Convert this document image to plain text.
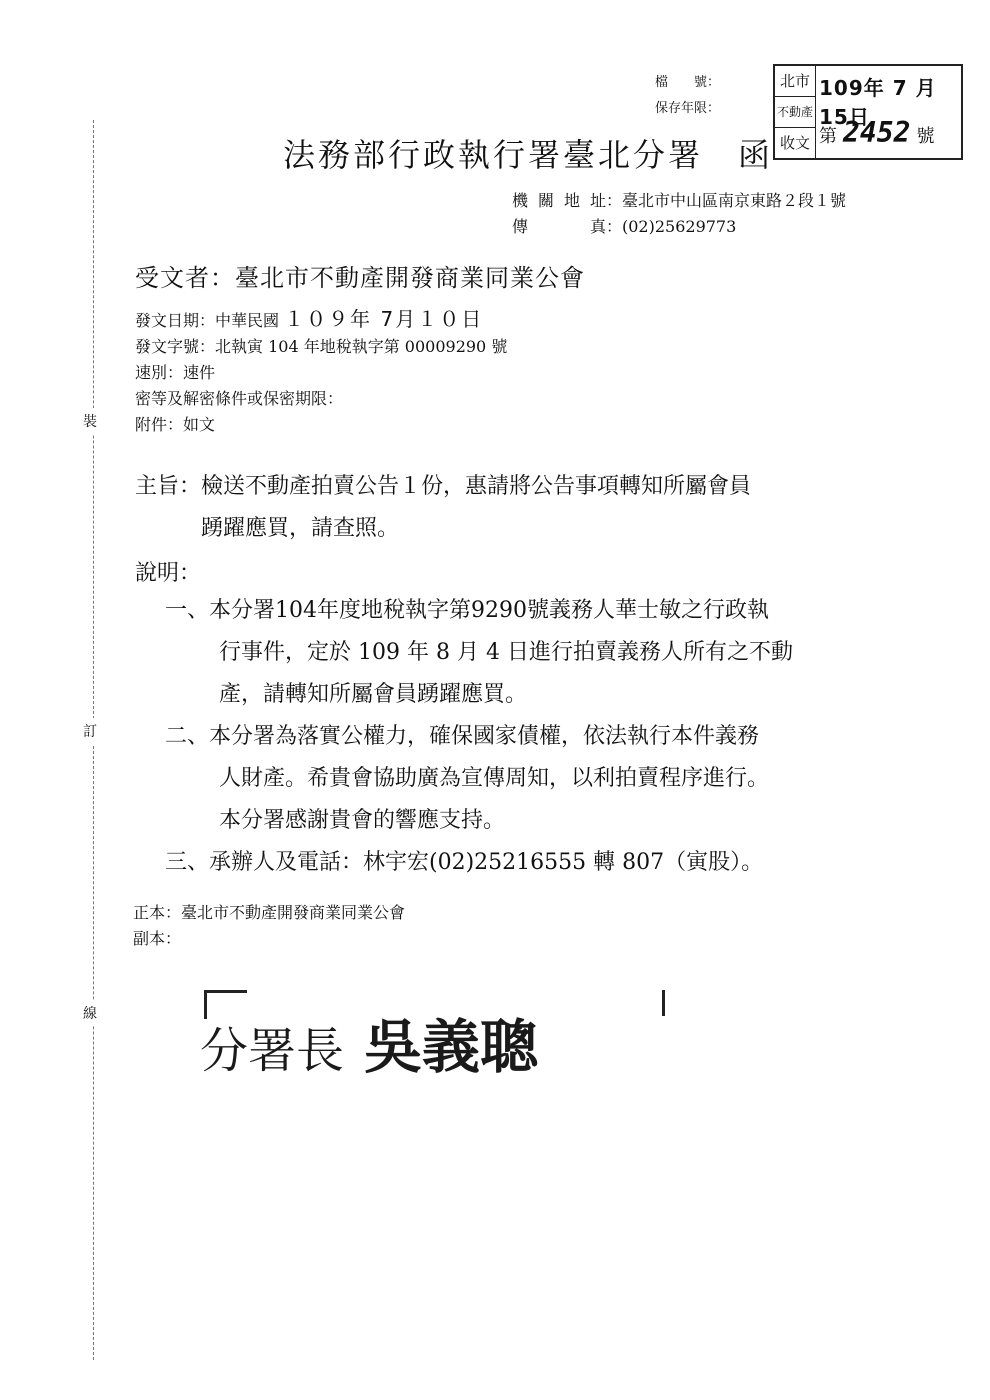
裝
訂
線
檔　　號：
保存年限：
北市
不動產
收文
109年 7 月15日
第 2452 號
法務部行政執行署臺北分署　函
機關地址：臺北市中山區南京東路２段１號
傳　　真：(02)25629773
受文者：臺北市不動產開發商業同業公會
發文日期：中華民國 １０９年 7月１０日
發文字號：北執寅 104 年地稅執字第 00009290 號
速別：速件
密等及解密條件或保密期限：
附件：如文
主旨：檢送不動產拍賣公告１份，惠請將公告事項轉知所屬會員
踴躍應買，請查照。
說明：
一、本分署104年度地稅執字第9290號義務人華士敏之行政執
行事件，定於 109 年 8 月 4 日進行拍賣義務人所有之不動
產，請轉知所屬會員踴躍應買。
二、本分署為落實公權力，確保國家債權，依法執行本件義務
人財產。希貴會協助廣為宣傳周知，以利拍賣程序進行。
本分署感謝貴會的響應支持。
三、承辦人及電話：林宇宏(02)25216555 轉 807（寅股）。
正本：臺北市不動產開發商業同業公會
副本：
分署長 吳義聰
